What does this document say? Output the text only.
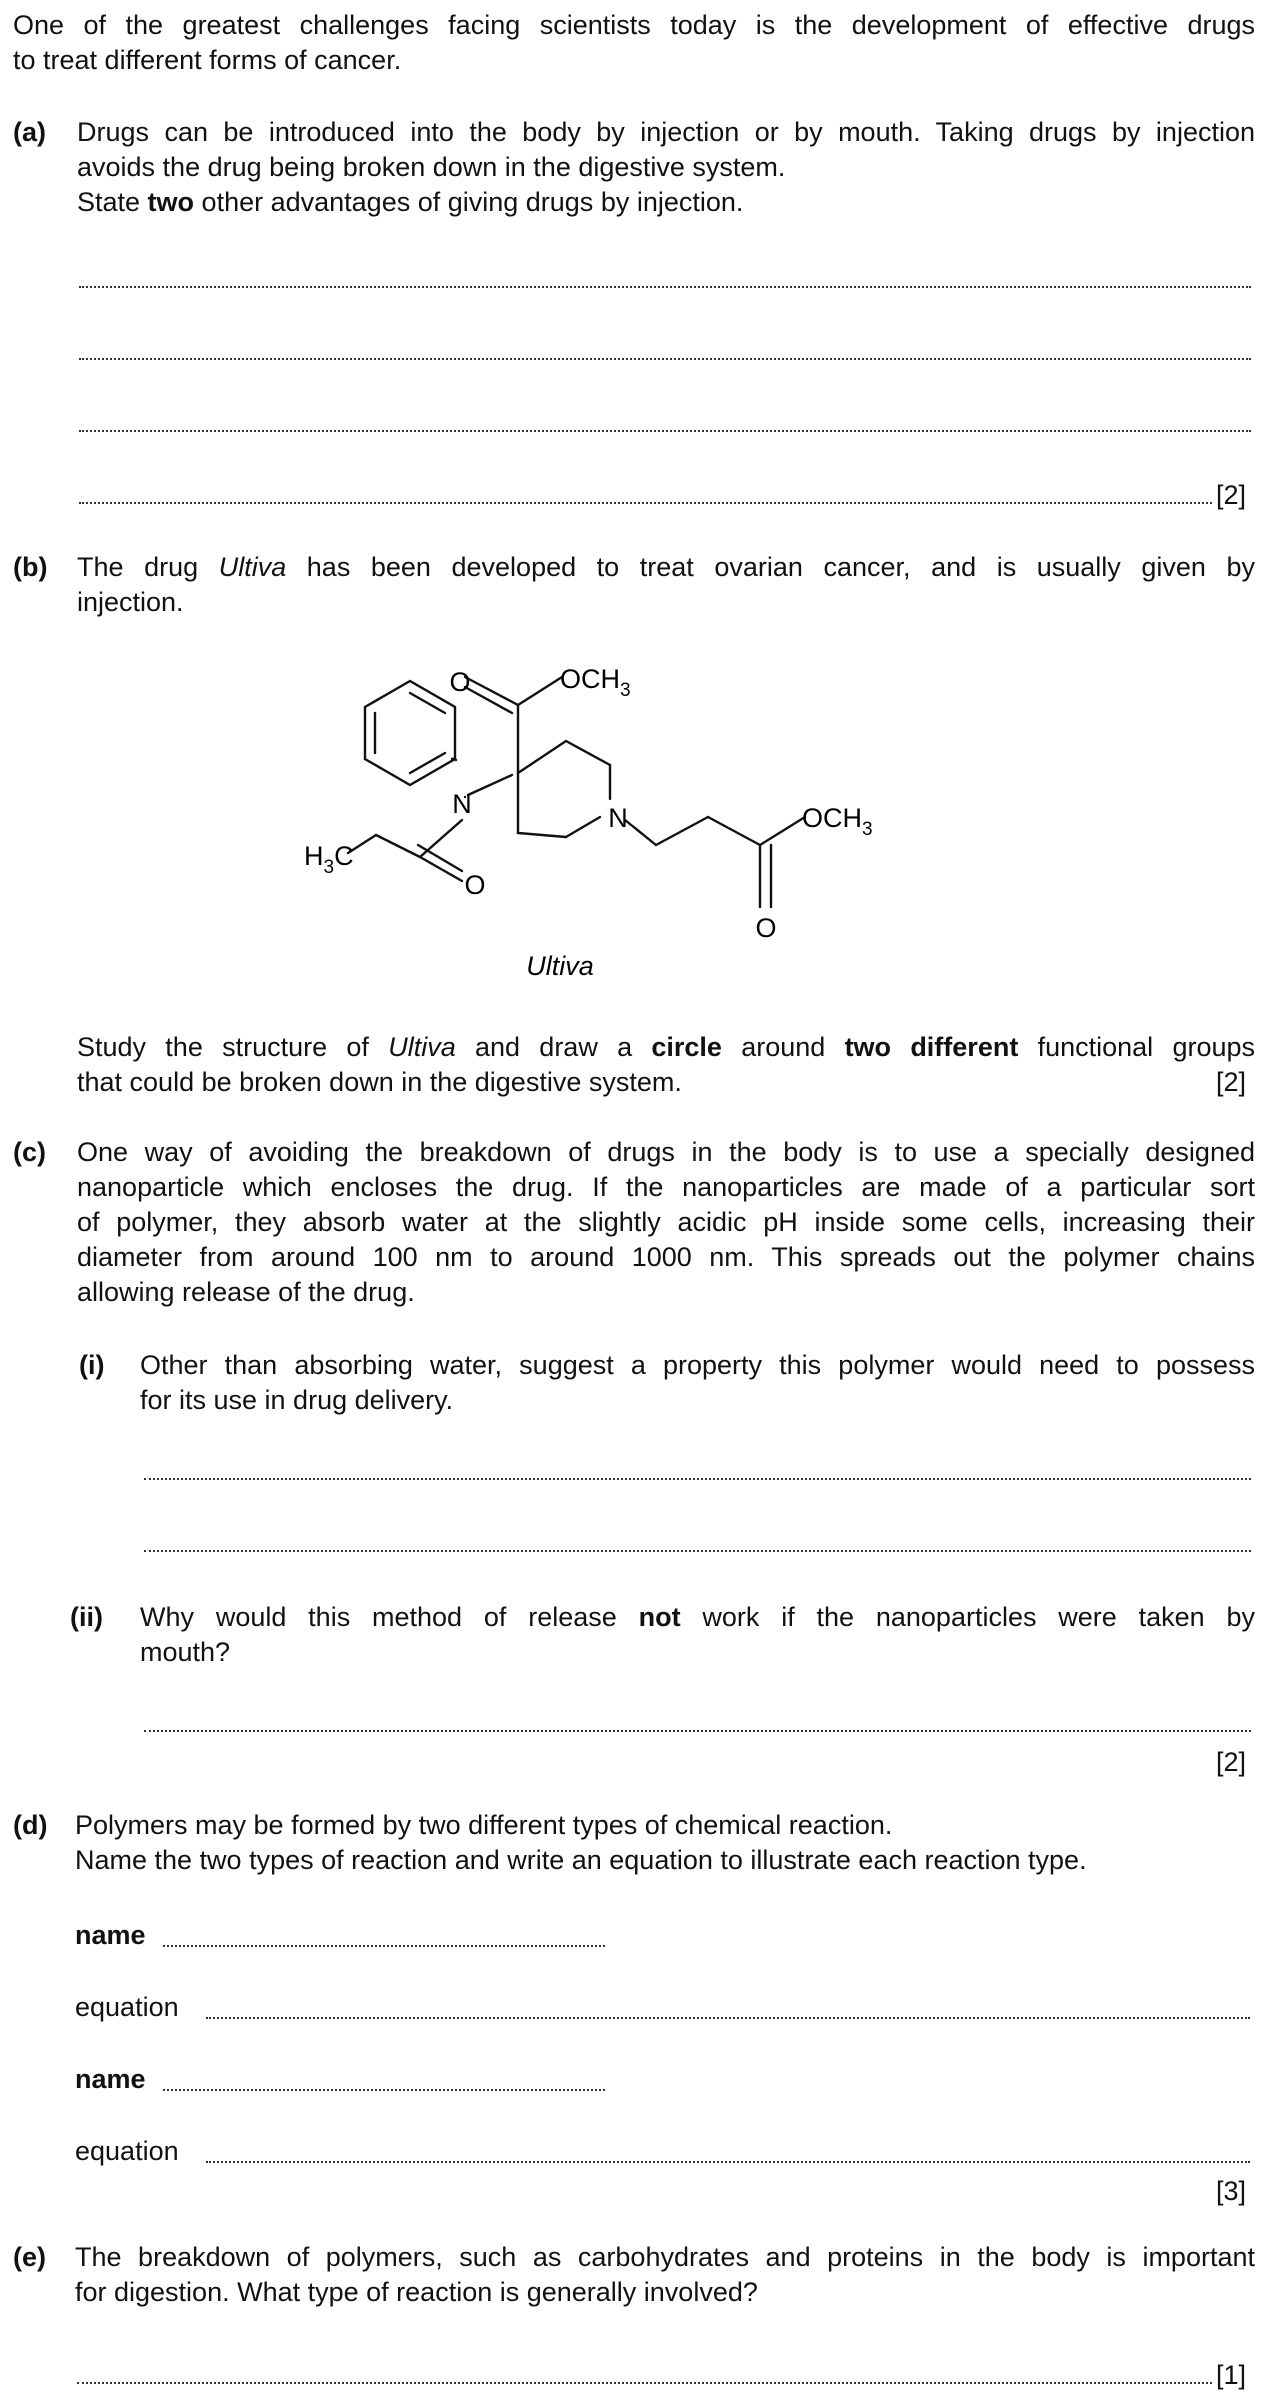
One of the greatest challenges facing scientists today is the development of effective drugs
to treat different forms of cancer.
(a) Drugs can be introduced into the body by injection or by mouth. Taking drugs by injection
avoids the drug being broken down in the digestive system.
State two other advantages of giving drugs by injection.
[2]
(b) The drug Ultiva has been developed to treat ovarian cancer, and is usually given by
injection.
O	$OCH_3$
N	N
$H_3C$
O
$OCH_3$
O
Ultiva
Study the structure of Ultiva and draw a circle around two different functional groups
that could be broken down in the digestive system.	[2]
(c) One way of avoiding the breakdown of drugs in the body is to use a specially designed
nanoparticle which encloses the drug. If the nanoparticles are made of a particular sort
of polymer, they absorb water at the slightly acidic pH inside some cells, increasing their
diameter from around 100 nm to around 1000 nm. This spreads out the polymer chains
allowing release of the drug.
(i) Other than absorbing water, suggest a property this polymer would need to possess
for its use in drug delivery.
(ii) Why would this method of release not work if the nanoparticles were taken by
mouth?
[2]
(d) Polymers may be formed by two different types of chemical reaction.
Name the two types of reaction and write an equation to illustrate each reaction type.
name
equation
name
equation
[3]
(e) The breakdown of polymers, such as carbohydrates and proteins in the body is important
for digestion. What type of reaction is generally involved?
[1]
